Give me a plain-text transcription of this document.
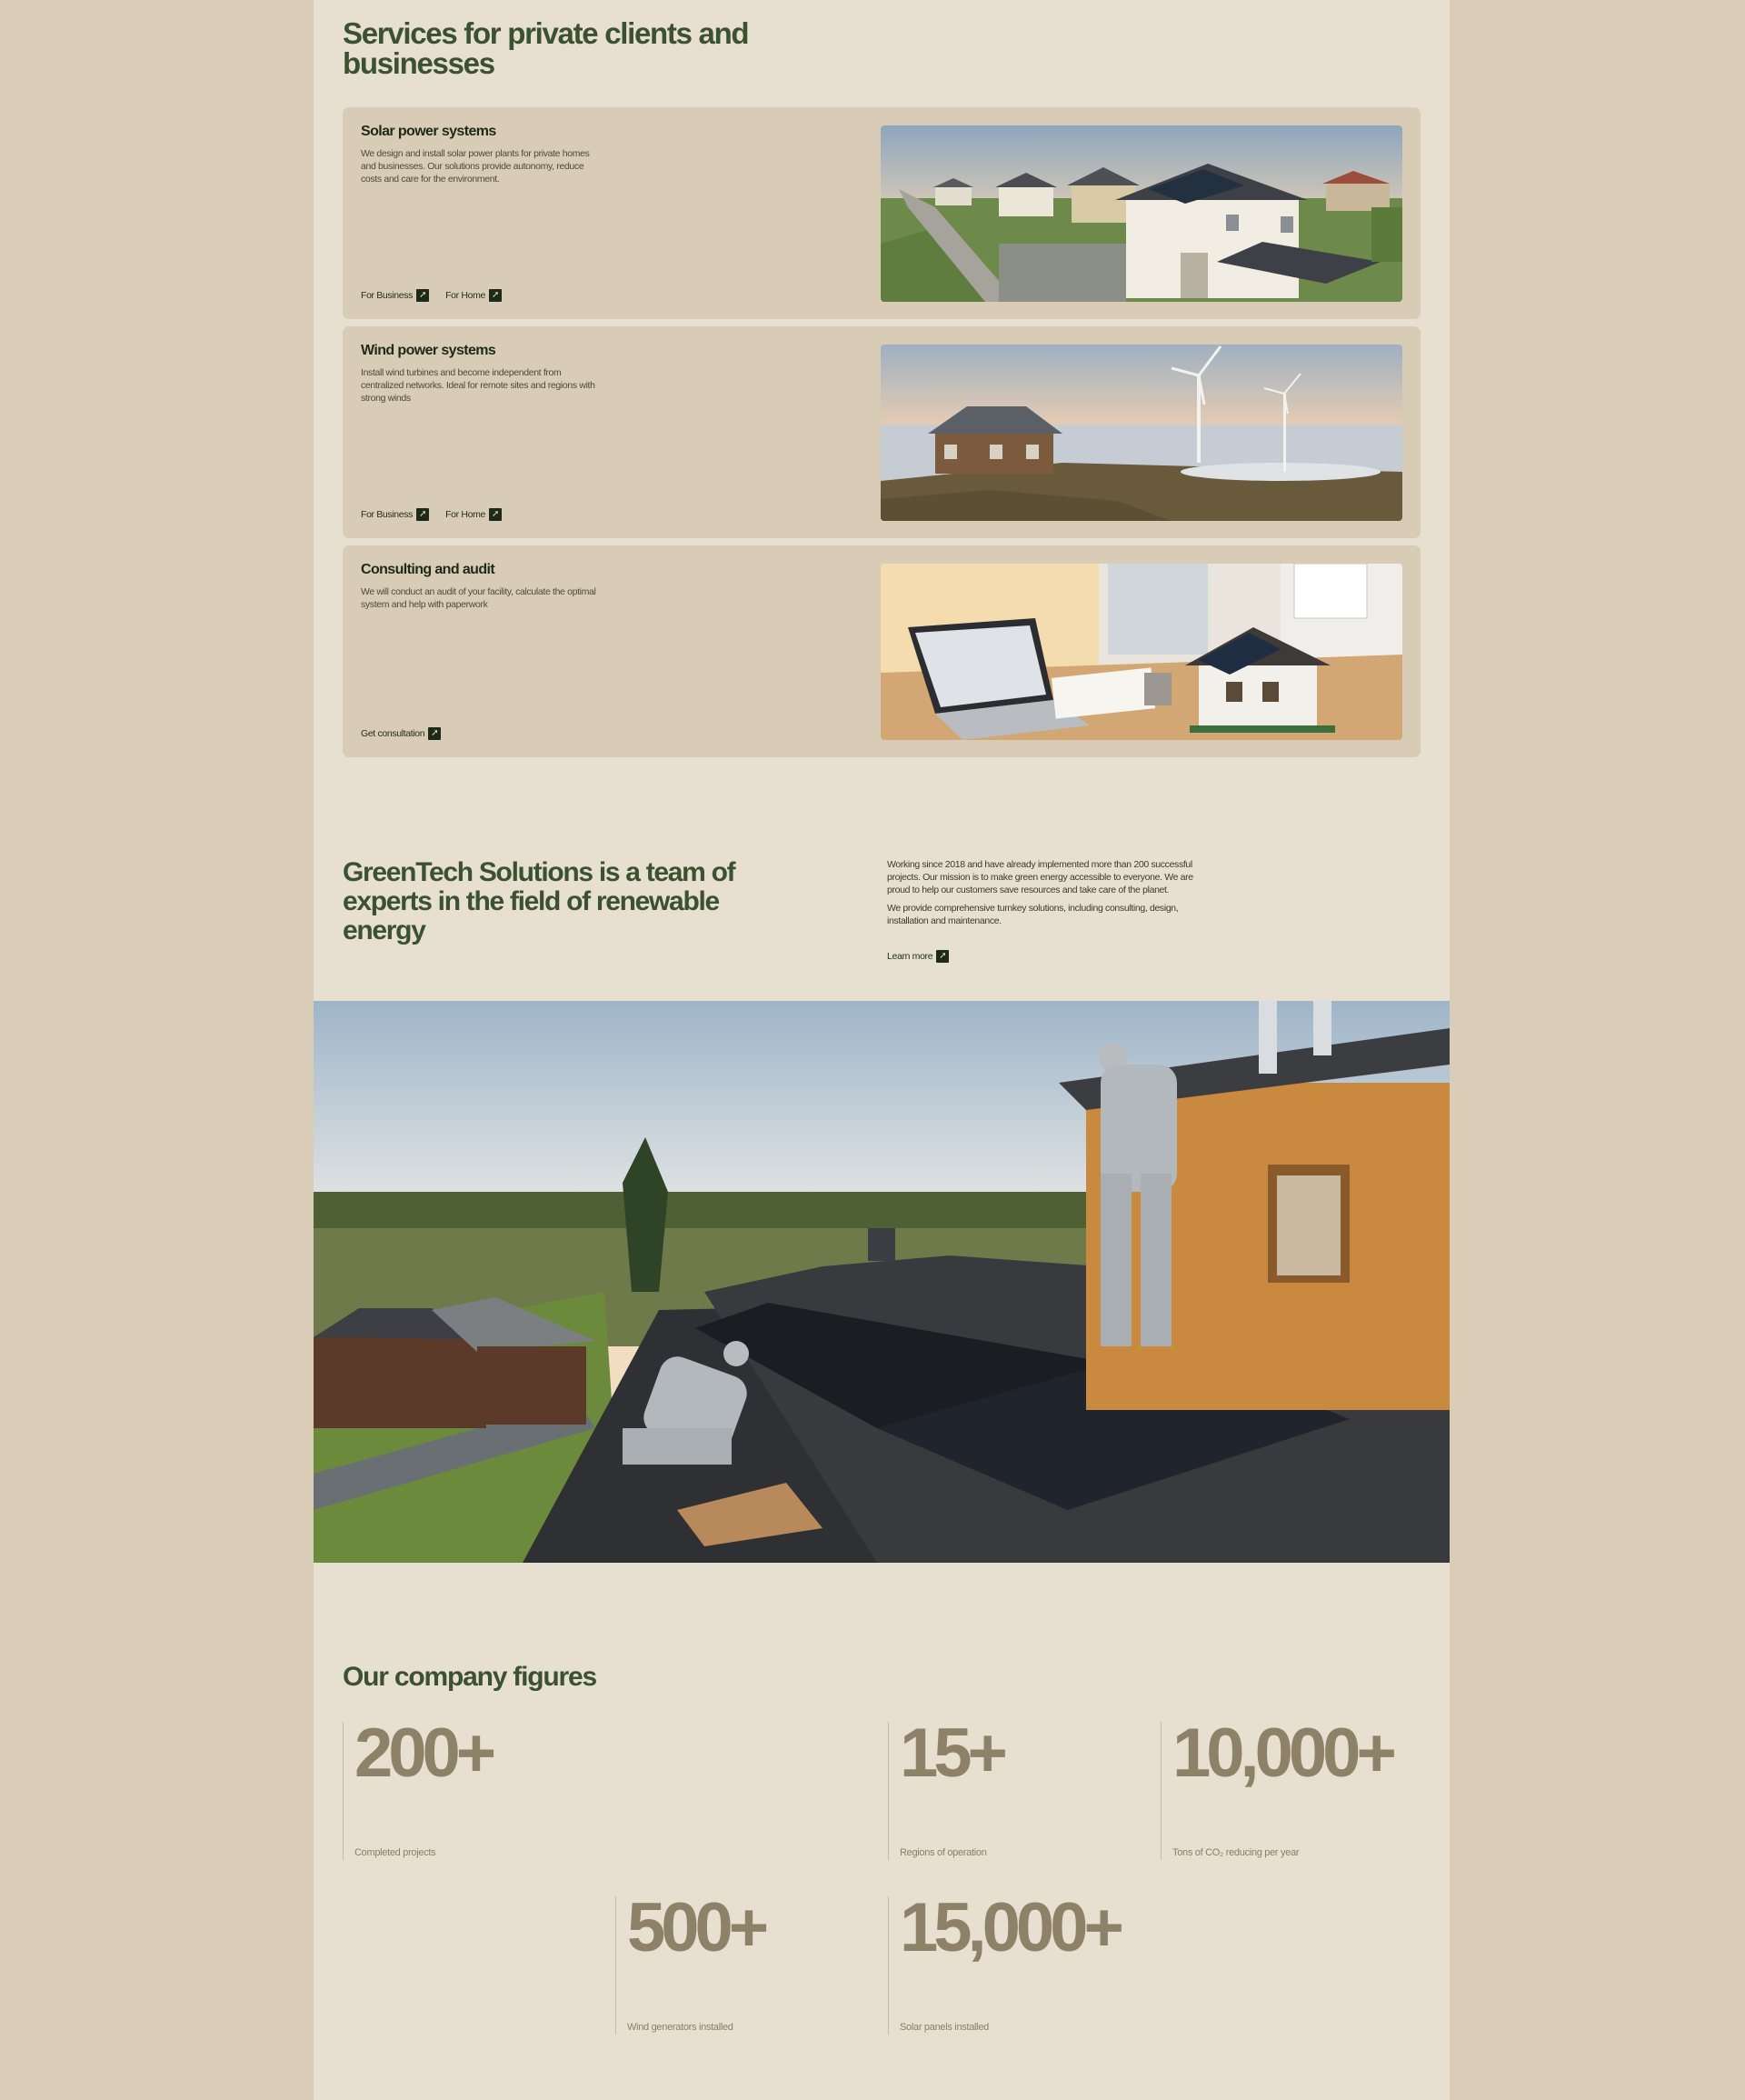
Services for private clients and businesses
Solar power systems

We design and install solar power plants for private homes and businesses. Our solutions provide autonomy, reduce costs and care for the environment.

For Business ➚ For Home ➚
Wind power systems

Install wind turbines and become independent from centralized networks. Ideal for remote sites and regions with strong winds

For Business ➚ For Home ➚
Consulting and audit

We will conduct an audit of your facility, calculate the optimal system and help with paperwork

Get consultation ➚
GreenTech Solutions is a team of experts in the field of renewable energy

Working since 2018 and have already implemented more than 200 successful projects. Our mission is to make green energy accessible to everyone. We are proud to help our customers save resources and take care of the planet.

We provide comprehensive turnkey solutions, including consulting, design, installation and maintenance.

Learn more ➚
Our company figures
200+
Completed projects
15+
Regions of operation
10,000+
Tons of CO₂ reducing per year
500+
Wind generators installed
15,000+
Solar panels installed
